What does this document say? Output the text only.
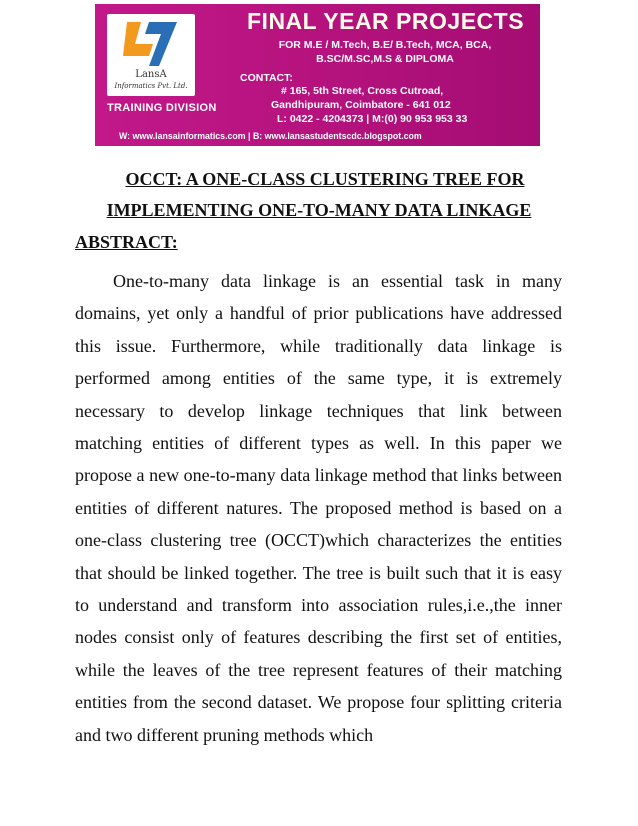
LansA
Informatics Pvt. Ltd.
TRAINING DIVISION
FINAL YEAR PROJECTS
FOR M.E / M.Tech, B.E/ B.Tech, MCA, BCA,
B.SC/M.SC,M.S & DIPLOMA
CONTACT:
# 165, 5th Street, Cross Cutroad,
Gandhipuram, Coimbatore - 641 012
L: 0422 - 4204373 | M:(0) 90 953 953 33
W: www.lansainformatics.com | B: www.lansastudentscdc.blogspot.com
OCCT: A ONE-CLASS CLUSTERING TREE FOR
IMPLEMENTING ONE-TO-MANY DATA LINKAGE
ABSTRACT:

One-to-many data linkage is an essential task in many domains, yet only a handful of prior publications have addressed this issue. Furthermore, while traditionally data linkage is performed among entities of the same type, it is extremely necessary to develop linkage techniques that link between matching entities of different types as well. In this paper we propose a new one-to-many data linkage method that links between entities of different natures. The proposed method is based on a one-class clustering tree (OCCT)which characterizes the entities that should be linked together. The tree is built such that it is easy to understand and transform into association rules,i.e.,the inner nodes consist only of features describing the first set of entities, while the leaves of the tree represent features of their matching entities from the second dataset. We propose four splitting criteria and two different pruning methods which
